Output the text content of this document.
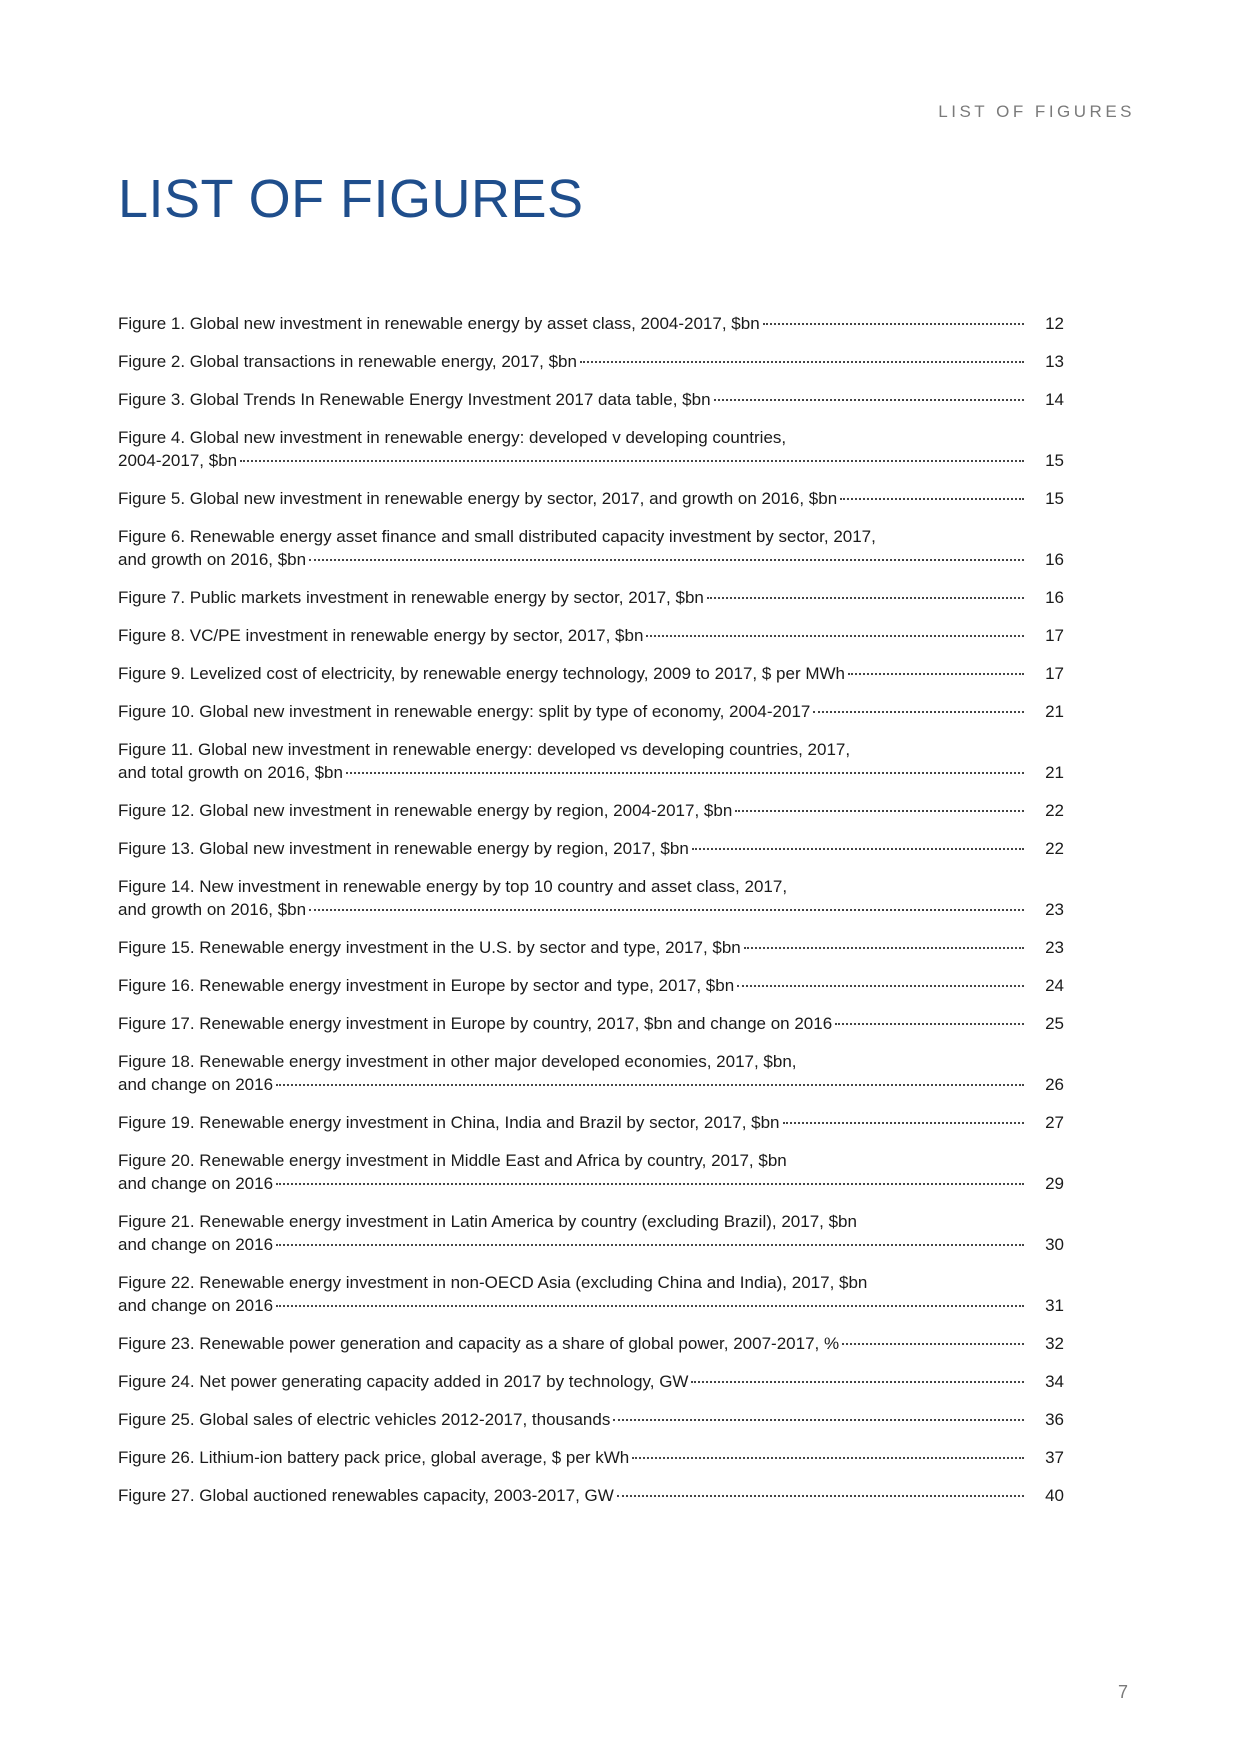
LIST OF FIGURES

LIST OF FIGURES
Figure 1. Global new investment in renewable energy by asset class, 2004-2017, $bn	12
Figure 2. Global transactions in renewable energy, 2017, $bn	13
Figure 3. Global Trends In Renewable Energy Investment 2017 data table, $bn	14
Figure 4. Global new investment in renewable energy: developed v developing countries,
2004-2017, $bn	15
Figure 5. Global new investment in renewable energy by sector, 2017, and growth on 2016, $bn	15
Figure 6. Renewable energy asset finance and small distributed capacity investment by sector, 2017,
and growth on 2016, $bn	16
Figure 7. Public markets investment in renewable energy by sector, 2017, $bn	16
Figure 8. VC/PE investment in renewable energy by sector, 2017, $bn	17
Figure 9. Levelized cost of electricity, by renewable energy technology, 2009 to 2017, $ per MWh	17
Figure 10. Global new investment in renewable energy: split by type of economy, 2004-2017	21
Figure 11. Global new investment in renewable energy: developed vs developing countries, 2017,
and total growth on 2016, $bn	21
Figure 12. Global new investment in renewable energy by region, 2004-2017, $bn	22
Figure 13. Global new investment in renewable energy by region, 2017, $bn	22
Figure 14. New investment in renewable energy by top 10 country and asset class, 2017,
and growth on 2016, $bn	23
Figure 15. Renewable energy investment in the U.S. by sector and type, 2017, $bn	23
Figure 16. Renewable energy investment in Europe by sector and type, 2017, $bn	24
Figure 17. Renewable energy investment in Europe by country, 2017, $bn and change on 2016	25
Figure 18. Renewable energy investment in other major developed economies, 2017, $bn,
and change on 2016	26
Figure 19. Renewable energy investment in China, India and Brazil by sector, 2017, $bn	27
Figure 20. Renewable energy investment in Middle East and Africa by country, 2017, $bn
and change on 2016	29
Figure 21. Renewable energy investment in Latin America by country (excluding Brazil), 2017, $bn
and change on 2016	30
Figure 22. Renewable energy investment in non-OECD Asia (excluding China and India), 2017, $bn
and change on 2016	31
Figure 23. Renewable power generation and capacity as a share of global power, 2007-2017, %	32
Figure 24. Net power generating capacity added in 2017 by technology, GW	34
Figure 25. Global sales of electric vehicles 2012-2017, thousands	36
Figure 26. Lithium-ion battery pack price, global average, $ per kWh	37
Figure 27. Global auctioned renewables capacity, 2003-2017, GW	40

7
